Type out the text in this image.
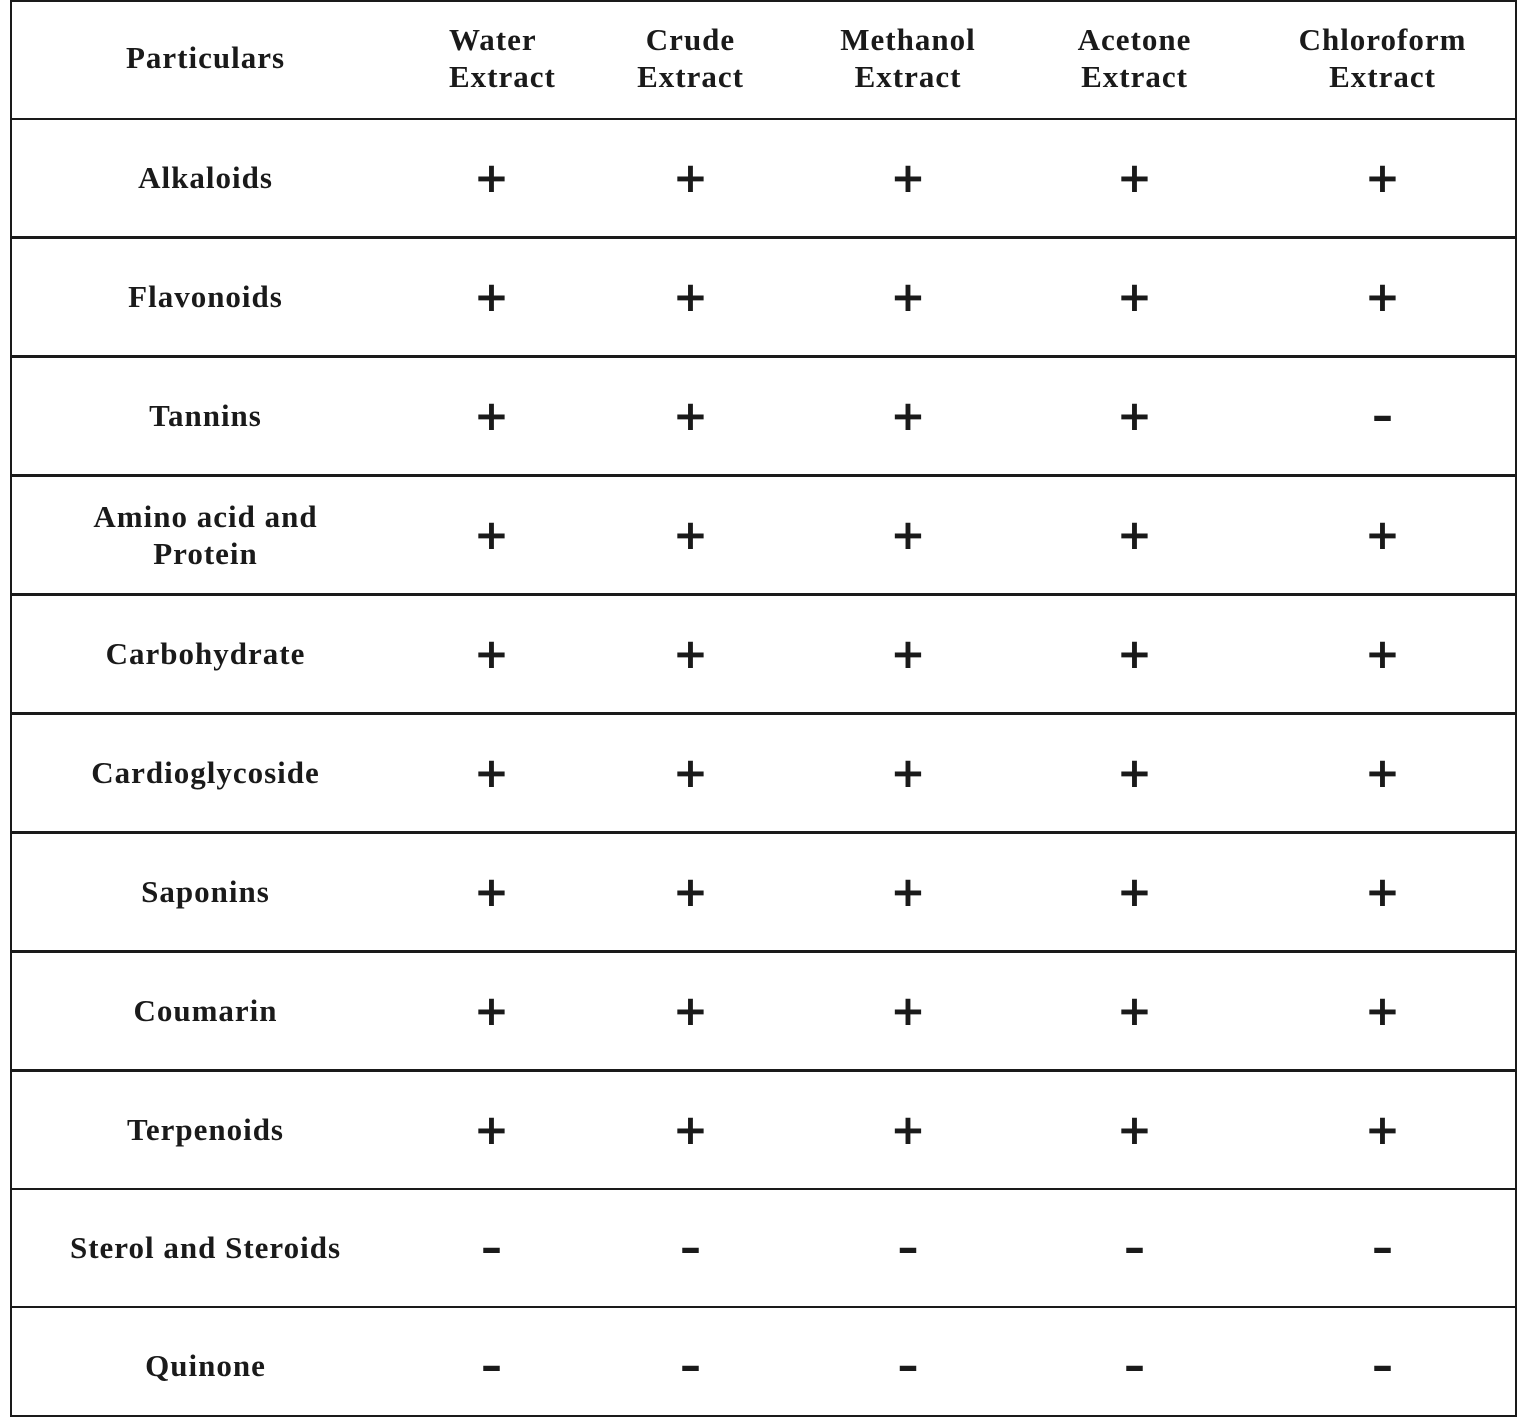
Particulars	Water Extract	Crude Extract	Methanol Extract	Acetone Extract	Chloroform Extract
Alkaloids	+	+	+	+	+
Flavonoids	+	+	+	+	+
Tannins	+	+	+	+	–
Amino acid and Protein	+	+	+	+	+
Carbohydrate	+	+	+	+	+
Cardioglycoside	+	+	+	+	+
Saponins	+	+	+	+	+
Coumarin	+	+	+	+	+
Terpenoids	+	+	+	+	+
Sterol and Steroids	–	–	–	–	–
Quinone	–	–	–	–	–
